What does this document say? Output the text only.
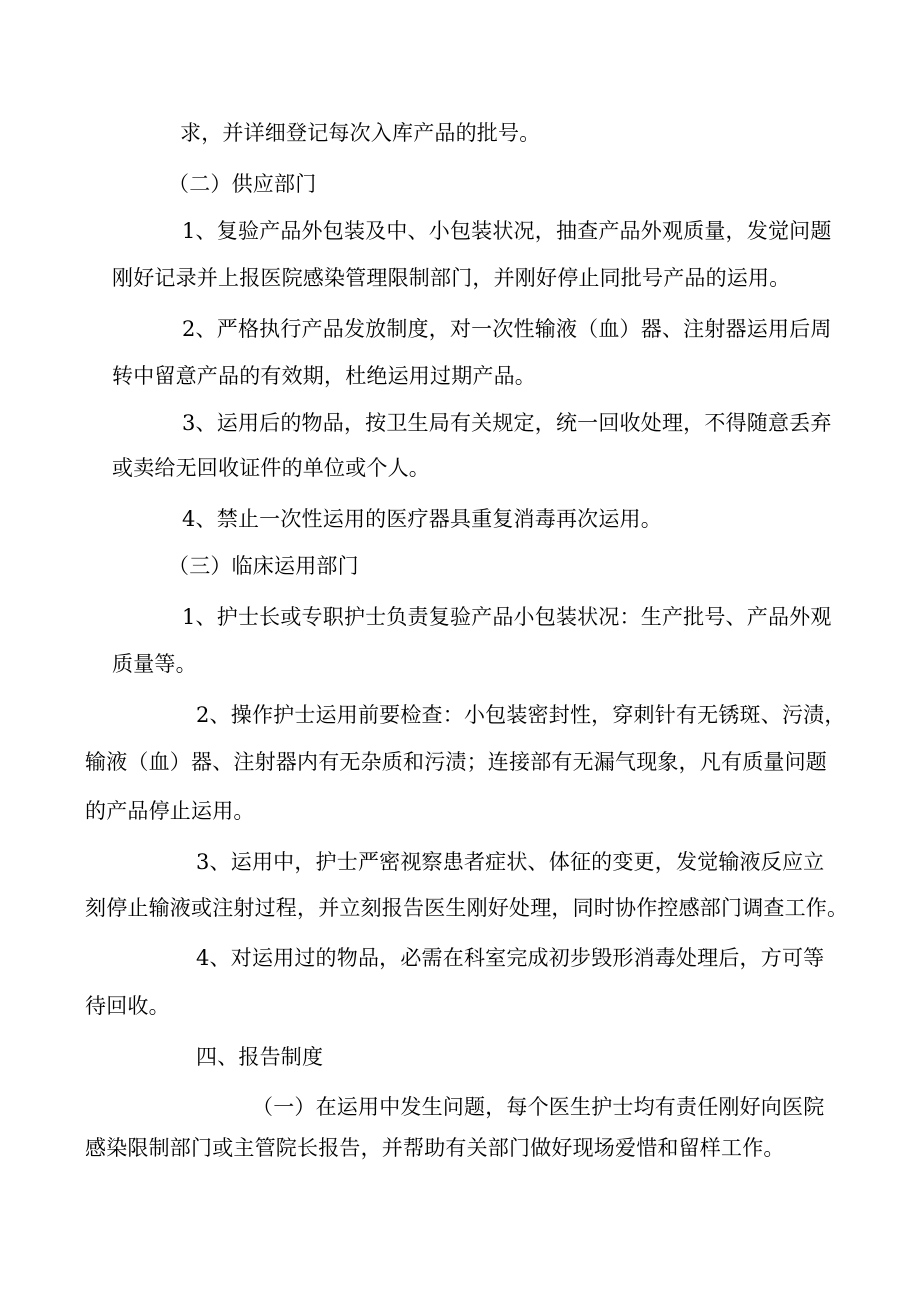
求，并详细登记每次入库产品的批号。
（二）供应部门
1、复验产品外包装及中、小包装状况，抽查产品外观质量，发觉问题
刚好记录并上报医院感染管理限制部门，并刚好停止同批号产品的运用。
2、严格执行产品发放制度，对一次性输液（血）器、注射器运用后周
转中留意产品的有效期，杜绝运用过期产品。
3、运用后的物品，按卫生局有关规定，统一回收处理，不得随意丢弃
或卖给无回收证件的单位或个人。
4、禁止一次性运用的医疗器具重复消毒再次运用。
（三）临床运用部门
1、护士长或专职护士负责复验产品小包装状况：生产批号、产品外观
质量等。
2、操作护士运用前要检查：小包装密封性，穿刺针有无锈斑、污渍，
输液（血）器、注射器内有无杂质和污渍；连接部有无漏气现象，凡有质量问题
的产品停止运用。
3、运用中，护士严密视察患者症状、体征的变更，发觉输液反应立
刻停止输液或注射过程，并立刻报告医生刚好处理，同时协作控感部门调查工作。
4、对运用过的物品，必需在科室完成初步毁形消毒处理后，方可等
待回收。
四、报告制度
（一）在运用中发生问题，每个医生护士均有责任刚好向医院
感染限制部门或主管院长报告，并帮助有关部门做好现场爱惜和留样工作。
